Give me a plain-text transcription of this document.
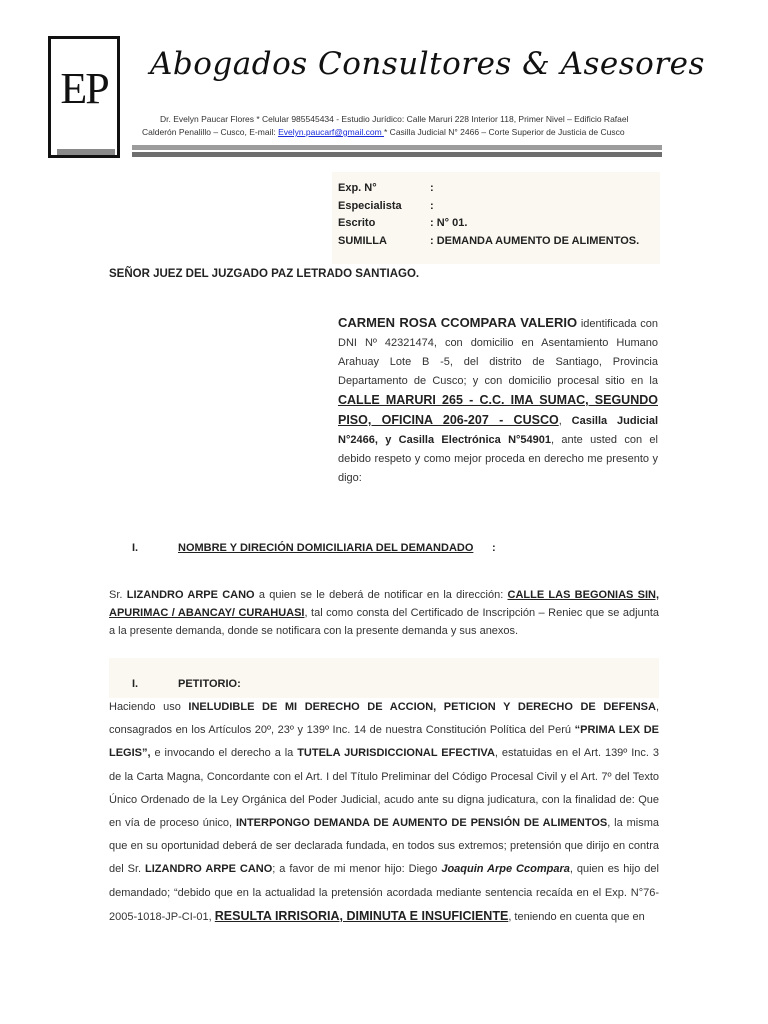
EP	Abogados Consultores & Asesores
Dr. Evelyn Paucar Flores * Celular 985545434 - Estudio Jurídico: Calle Maruri 228 Interior 118, Primer Nivel – Edificio Rafael
Calderón Penalillo – Cusco, E-mail: Evelyn.paucarf@gmail.com * Casilla Judicial N° 2466 – Corte Superior de Justicia de Cusco
Exp. N°	:
Especialista	:
Escrito	: N° 01.
SUMILLA	: DEMANDA AUMENTO DE ALIMENTOS.
SEÑOR JUEZ DEL JUZGADO PAZ LETRADO SANTIAGO.
CARMEN ROSA CCOMPARA VALERIO identificada con DNI Nº 42321474, con domicilio en Asentamiento Humano Arahuay Lote B -5, del distrito de Santiago, Provincia Departamento de Cusco; y con domicilio procesal sitio en la CALLE MARURI 265 - C.C. IMA SUMAC, SEGUNDO PISO, OFICINA 206-207 - CUSCO, Casilla Judicial N°2466, y Casilla Electrónica N°54901, ante usted con el debido respeto y como mejor proceda en derecho me presento y digo:
I.	NOMBRE Y DIRECIÓN DOMICILIARIA DEL DEMANDADO :
Sr. LIZANDRO ARPE CANO a quien se le deberá de notificar en la dirección: CALLE LAS BEGONIAS SIN, APURIMAC / ABANCAY/ CURAHUASI, tal como consta del Certificado de Inscripción – Reniec que se adjunta a la presente demanda, donde se notificara con la presente demanda y sus anexos.
I.	PETITORIO:
Haciendo uso INELUDIBLE DE MI DERECHO DE ACCION, PETICION Y DERECHO DE DEFENSA, consagrados en los Artículos 20º, 23º y 139º Inc. 14 de nuestra Constitución Política del Perú “PRIMA LEX DE LEGIS”, e invocando el derecho a la TUTELA JURISDICCIONAL EFECTIVA, estatuidas en el Art. 139º Inc. 3 de la Carta Magna, Concordante con el Art. I del Título Preliminar del Código Procesal Civil y el Art. 7º del Texto Único Ordenado de la Ley Orgánica del Poder Judicial, acudo ante su digna judicatura, con la finalidad de: Que en vía de proceso único, INTERPONGO DEMANDA DE AUMENTO DE PENSIÓN DE ALIMENTOS, la misma que en su oportunidad deberá de ser declarada fundada, en todos sus extremos; pretensión que dirijo en contra del Sr. LIZANDRO ARPE CANO; a favor de mi menor hijo: Diego Joaquin Arpe Ccompara, quien es hijo del demandado; “debido que en la actualidad la pretensión acordada mediante sentencia recaída en el Exp. N°76-2005-1018-JP-CI-01, RESULTA IRRISORIA, DIMINUTA E INSUFICIENTE, teniendo en cuenta que en
